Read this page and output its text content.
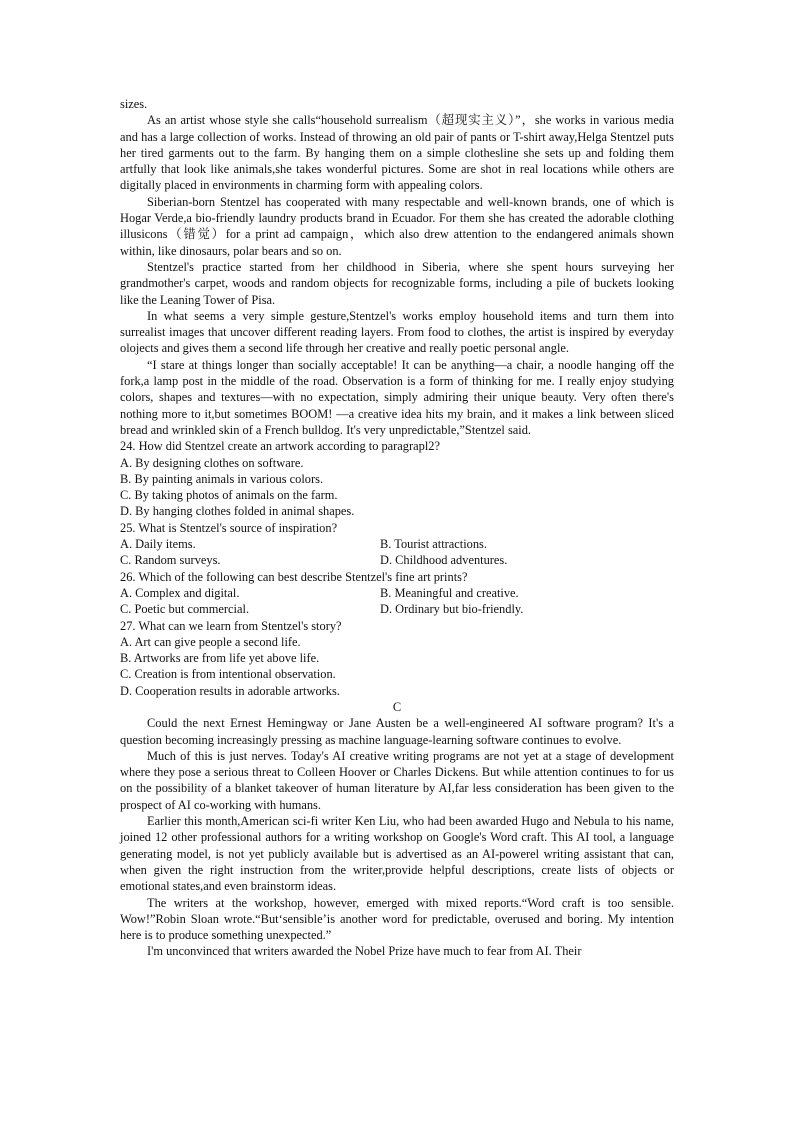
sizes.

As an artist whose style she calls“household surrealism（超现实主义）”，she works in various media and has a large collection of works. Instead of throwing an old pair of pants or T-shirt away,Helga Stentzel puts her tired garments out to the farm. By hanging them on a simple clothesline she sets up and folding them artfully that look like animals,she takes wonderful pictures. Some are shot in real locations while others are digitally placed in environments in charming form with appealing colors.

Siberian-born Stentzel has cooperated with many respectable and well-known brands, one of which is Hogar Verde,a bio-friendly laundry products brand in Ecuador. For them she has created the adorable clothing illusicons（错觉）for a print ad campaign，which also drew attention to the endangered animals shown within, like dinosaurs, polar bears and so on.

Stentzel's practice started from her childhood in Siberia, where she spent hours surveying her grandmother's carpet, woods and random objects for recognizable forms, including a pile of buckets looking like the Leaning Tower of Pisa.

In what seems a very simple gesture,Stentzel's works employ household items and turn them into surrealist images that uncover different reading layers. From food to clothes, the artist is inspired by everyday olojects and gives them a second life through her creative and really poetic personal angle.

“I stare at things longer than socially acceptable! It can be anything—a chair, a noodle hanging off the fork,a lamp post in the middle of the road. Observation is a form of thinking for me. I really enjoy studying colors, shapes and textures—with no expectation, simply admiring their unique beauty. Very often there's nothing more to it,but sometimes BOOM! —a creative idea hits my brain, and it makes a link between sliced bread and wrinkled skin of a French bulldog. It's very unpredictable,”Stentzel said.

24. How did Stentzel create an artwork according to paragrapl2?

A. By designing clothes on software.

B. By painting animals in various colors.

C. By taking photos of animals on the farm.

D. By hanging clothes folded in animal shapes.

25. What is Stentzel's source of inspiration?

A. Daily items.	B. Tourist attractions.
C. Random surveys.	D. Childhood adventures.

26. Which of the following can best describe Stentzel's fine art prints?

A. Complex and digital.	B. Meaningful and creative.
C. Poetic but commercial.	D. Ordinary but bio-friendly.

27. What can we learn from Stentzel's story?

A. Art can give people a second life.

B. Artworks are from life yet above life.

C. Creation is from intentional observation.

D. Cooperation results in adorable artworks.

C

Could the next Ernest Hemingway or Jane Austen be a well-engineered AI software program? It's a question becoming increasingly pressing as machine language-learning software continues to evolve.

Much of this is just nerves. Today's AI creative writing programs are not yet at a stage of development where they pose a serious threat to Colleen Hoover or Charles Dickens. But while attention continues to for us on the possibility of a blanket takeover of human literature by AI,far less consideration has been given to the prospect of AI co-working with humans.

Earlier this month,American sci-fi writer Ken Liu, who had been awarded Hugo and Nebula to his name, joined 12 other professional authors for a writing workshop on Google's Word craft. This AI tool, a language generating model, is not yet publicly available but is advertised as an AI-powerel writing assistant that can, when given the right instruction from the writer,provide helpful descriptions, create lists of objects or emotional states,and even brainstorm ideas.

The writers at the workshop, however, emerged with mixed reports.“Word craft is too sensible. Wow!”Robin Sloan wrote.“But‘sensible’is another word for predictable, overused and boring. My intention here is to produce something unexpected.”

I'm unconvinced that writers awarded the Nobel Prize have much to fear from AI. Their
